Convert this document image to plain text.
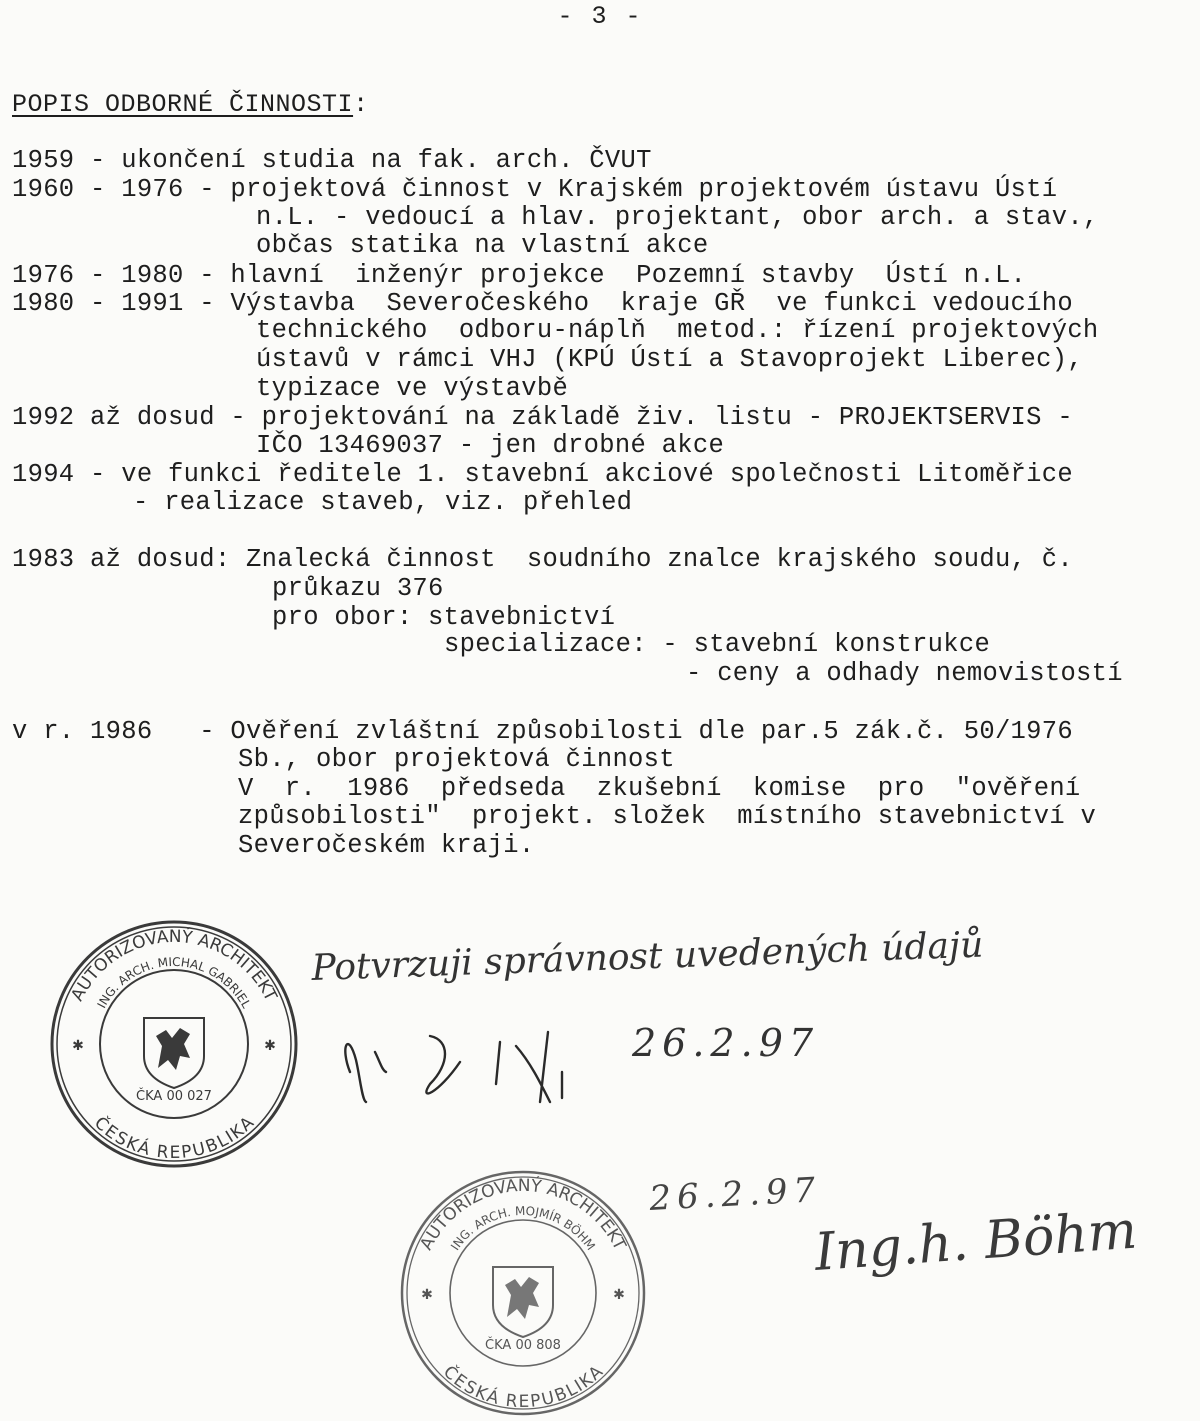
- 3 -
POPIS ODBORNÉ ČINNOSTI:
1959 - ukončení studia na fak. arch. ČVUT
1960 - 1976 - projektová činnost v Krajském projektovém ústavu Ústí
n.L. - vedoucí a hlav. projektant, obor arch. a stav.,
občas statika na vlastní akce
1976 - 1980 - hlavní  inženýr projekce  Pozemní stavby  Ústí n.L.
1980 - 1991 - Výstavba  Severočeského  kraje GŘ  ve funkci vedoucího
technického  odboru-náplň  metod.: řízení projektových
ústavů v rámci VHJ (KPÚ Ústí a Stavoprojekt Liberec),
typizace ve výstavbě
1992 až dosud - projektování na základě živ. listu - PROJEKTSERVIS -
IČO 13469037 - jen drobné akce
1994 - ve funkci ředitele 1. stavební akciové společnosti Litoměřice
- realizace staveb, viz. přehled
1983 až dosud: Znalecká činnost  soudního znalce krajského soudu, č.
průkazu 376
pro obor: stavebnictví
specializace: - stavební konstrukce
- ceny a odhady nemovistostí
v r. 1986   - Ověření zvláštní způsobilosti dle par.5 zák.č. 50/1976
Sb., obor projektová činnost
V  r.  1986  předseda  zkušební  komise  pro  "ověření
způsobilosti"  projekt. složek  místního stavebnictví v
Severočeském kraji.
AUTORIZOVANÝ ARCHITEKT
ČESKÁ REPUBLIKA
ING. ARCH. MICHAL GABRIEL
ČKA 00 027
✱	✱
Potvrzuji správnost uvedených údajů
26.2.97
AUTORIZOVANÝ ARCHITEKT
ČESKÁ REPUBLIKA
ING. ARCH. MOJMÍR BÖHM
ČKA 00 808
✱	✱
26.2.97
Ing.h. Böhm
